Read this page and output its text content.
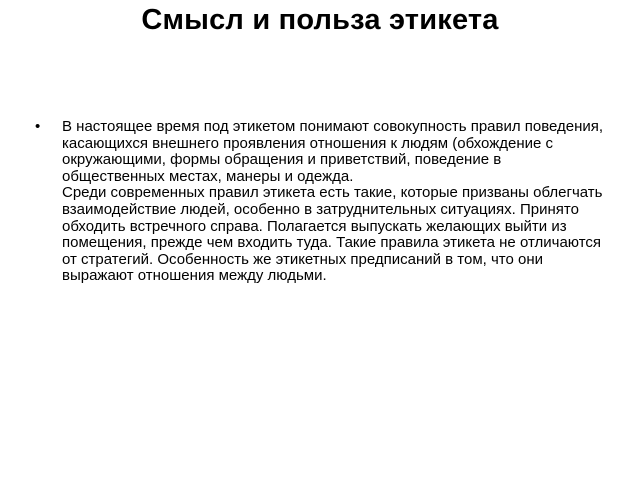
Смысл и польза этикета
• В настоящее время под этикетом понимают совокупность правил поведения, касающихся внешнего проявления отношения к людям (обхождение с окружающими, формы обращения и приветствий, поведение в общественных местах, манеры и одежда.
Среди современных правил этикета есть такие, которые призваны облегчать взаимодействие людей, особенно в затруднительных ситуациях. Принято обходить встречного справа. Полагается выпускать желающих выйти из помещения, прежде чем входить туда. Такие правила этикета не отличаются от стратегий. Особенность же этикетных предписаний в том, что они выражают отношения между людьми.
